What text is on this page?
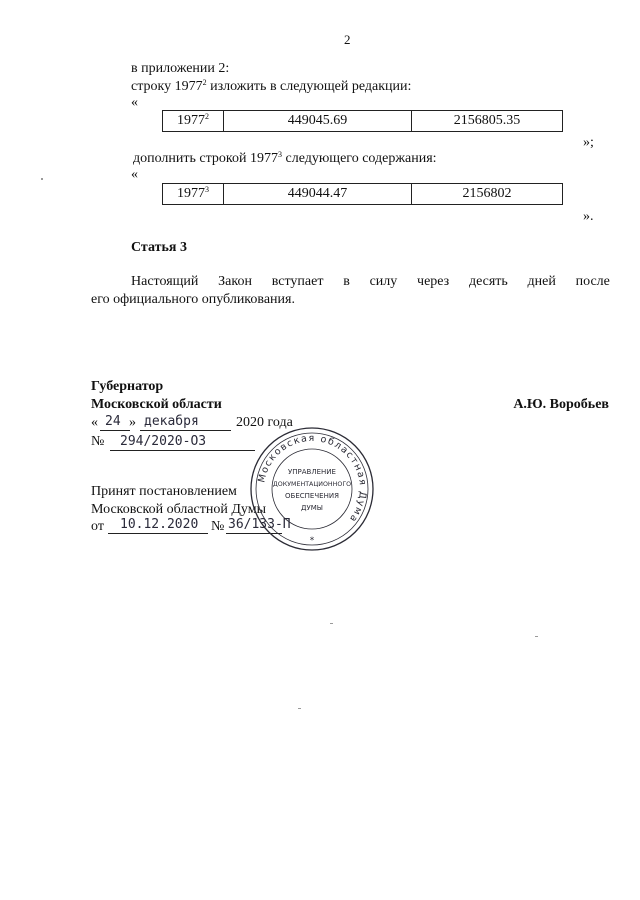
2
в приложении 2:
строку 1977$^2$ изложить в следующей редакции:
«
1977$^2$	449045.69	2156805.35
»;
дополнить строкой 1977$^3$ следующего содержания:
«
1977$^3$	449044.47	2156802
».
Статья 3
Настоящий Закон вступает в силу через десять дней после
его официального опубликования.
Губернатор
Московской области	А.Ю. Воробьев
« 24 » декабря	2020 года
№ 294/2020-ОЗ
Принят постановлением
Московской областной Думы
от 10.12.2020 № 36/133-П
Московская областная Дума
УПРАВЛЕНИЕ
ДОКУМЕНТАЦИОННОГО
ОБЕСПЕЧЕНИЯ
ДУМЫ
*
